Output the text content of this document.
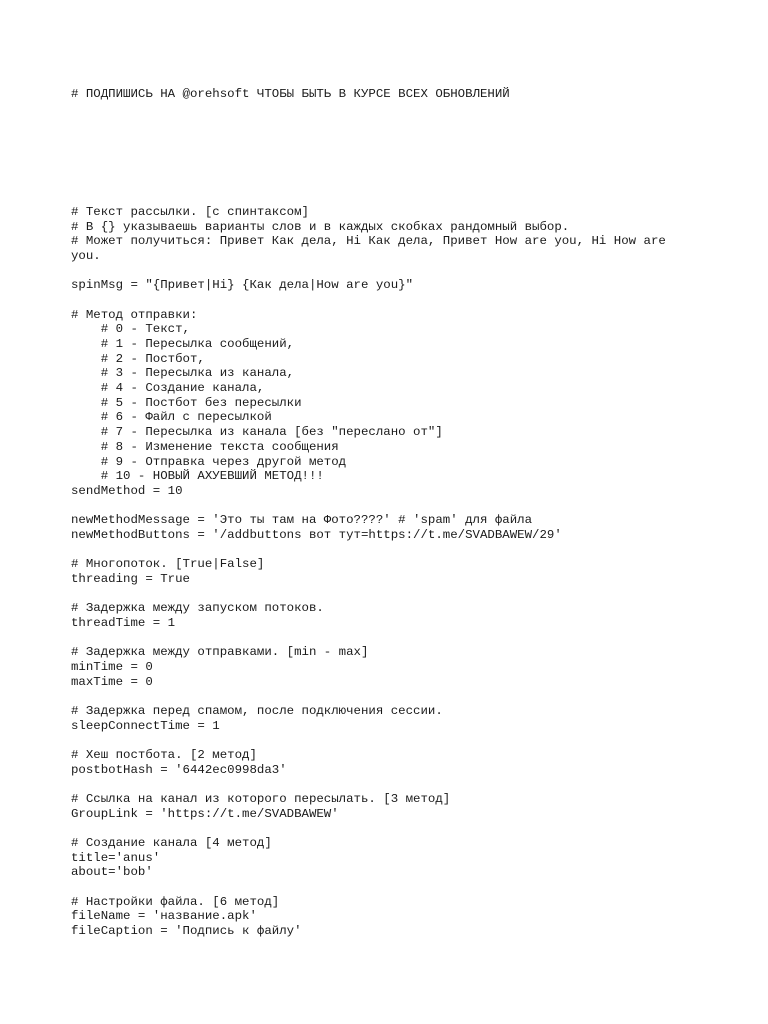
# ПОДПИШИСЬ НА @orehsoft ЧТОБЫ БЫТЬ В КУРСЕ ВСЕХ ОБНОВЛЕНИЙ
# Текст рассылки. [с спинтаксом]
# В {} указываешь варианты слов и в каждых скобках рандомный выбор.
# Может получиться: Привет Как дела, Hi Как дела, Привет How are you, Hi How are
you.
spinMsg = "{Привет|Hi} {Как дела|How are you}"
# Метод отправки:
# 0 - Текст,
# 1 - Пересылка сообщений,
# 2 - Постбот,
# 3 - Пересылка из канала,
# 4 - Создание канала,
# 5 - Постбот без пересылки
# 6 - Файл с пересылкой
# 7 - Пересылка из канала [без "переслано от"]
# 8 - Изменение текста сообщения
# 9 - Отправка через другой метод
# 10 - НОВЫЙ АХУЕВШИЙ МЕТОД!!!
sendMethod = 10
newMethodMessage = 'Это ты там на Фото????' # 'spam' для файла
newMethodButtons = '/addbuttons вот тут=https://t.me/SVADBAWEW/29'
# Многопоток. [True|False]
threading = True
# Задержка между запуском потоков.
threadTime = 1
# Задержка между отправками. [min - max]
minTime = 0
maxTime = 0
# Задержка перед спамом, после подключения сессии.
sleepConnectTime = 1
# Хеш постбота. [2 метод]
postbotHash = '6442ec0998da3'
# Ссылка на канал из которого пересылать. [3 метод]
GroupLink = 'https://t.me/SVADBAWEW'
# Создание канала [4 метод]
title='anus'
about='bob'
# Настройки файла. [6 метод]
fileName = 'название.apk'
fileCaption = 'Подпись к файлу'
